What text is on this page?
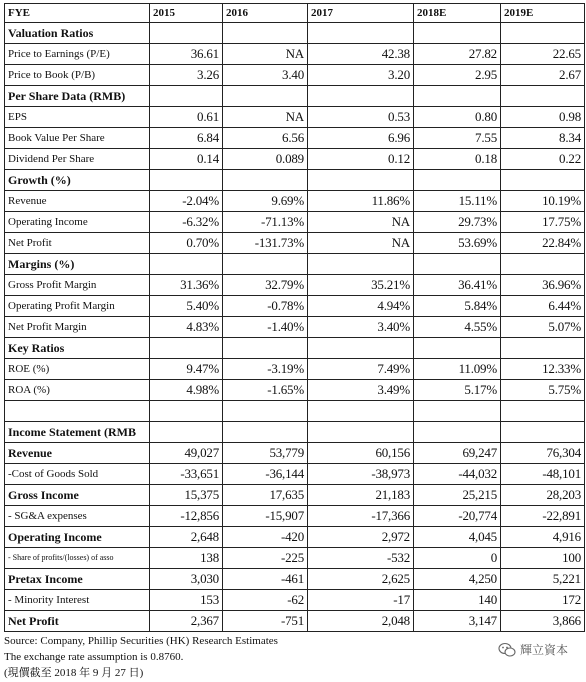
FYE	2015	2016	2017	2018E	2019E
Valuation Ratios					
Price to Earnings (P/E)	36.61	NA	42.38	27.82	22.65
Price to Book (P/B)	3.26	3.40	3.20	2.95	2.67
Per Share Data (RMB)					
EPS	0.61	NA	0.53	0.80	0.98
Book Value Per Share	6.84	6.56	6.96	7.55	8.34
Dividend Per Share	0.14	0.089	0.12	0.18	0.22
Growth (%)					
Revenue	-2.04%	9.69%	11.86%	15.11%	10.19%
Operating Income	-6.32%	-71.13%	NA	29.73%	17.75%
Net Profit	0.70%	-131.73%	NA	53.69%	22.84%
Margins (%)					
Gross Profit Margin	31.36%	32.79%	35.21%	36.41%	36.96%
Operating Profit Margin	5.40%	-0.78%	4.94%	5.84%	6.44%
Net Profit Margin	4.83%	-1.40%	3.40%	4.55%	5.07%
Key Ratios					
ROE (%)	9.47%	-3.19%	7.49%	11.09%	12.33%
ROA (%)	4.98%	-1.65%	3.49%	5.17%	5.75%

Income Statement (RMB					
Revenue	49,027	53,779	60,156	69,247	76,304
-Cost of Goods Sold	-33,651	-36,144	-38,973	-44,032	-48,101
Gross Income	15,375	17,635	21,183	25,215	28,203
- SG&A expenses	-12,856	-15,907	-17,366	-20,774	-22,891
Operating Income	2,648	-420	2,972	4,045	4,916
- Share of profits/(losses) of asso	138	-225	-532	0	100
Pretax Income	3,030	-461	2,625	4,250	5,221
- Minority Interest	153	-62	-17	140	172
Net Profit	2,367	-751	2,048	3,147	3,866
Source: Company, Phillip Securities (HK) Research Estimates
The exchange rate assumption is 0.8760.
(現價截至 2018 年 9 月 27 日)
輝立資本
